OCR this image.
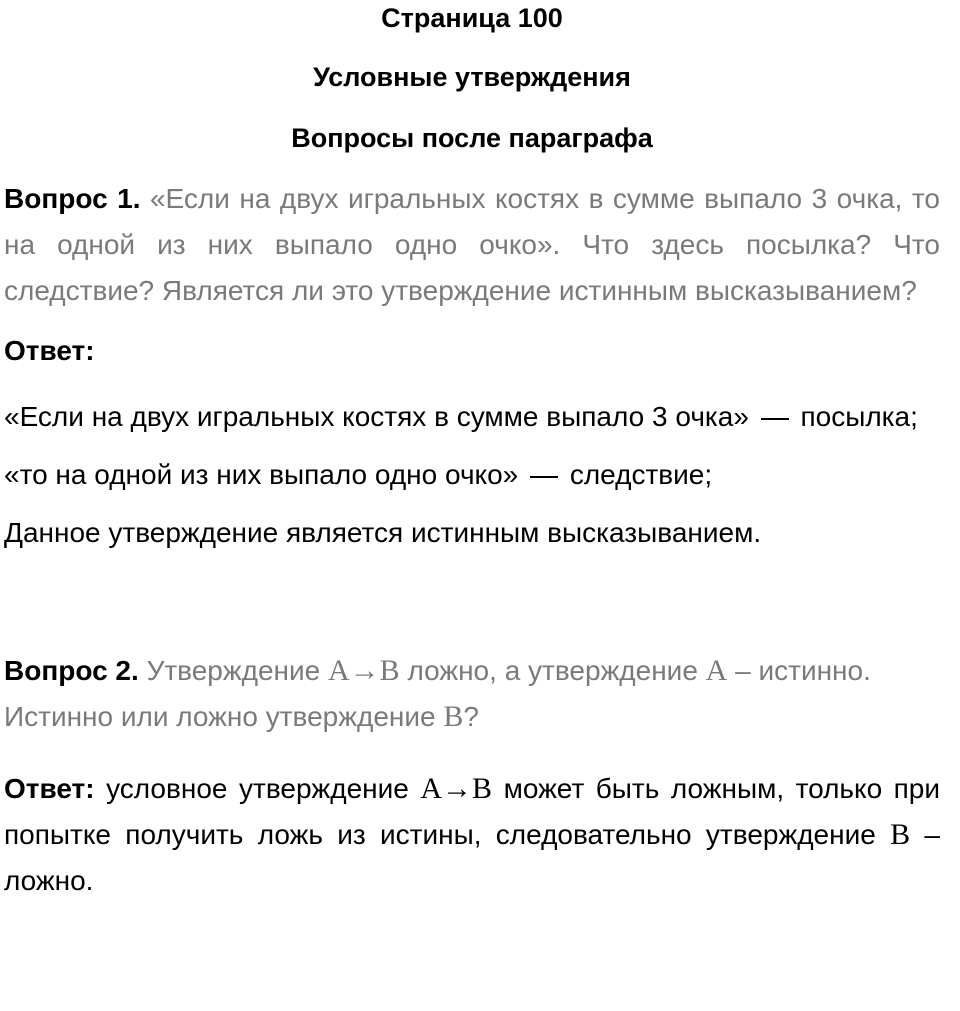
Страница 100

Условные утверждения

Вопросы после параграфа

Вопрос 1. «Если на двух игральных костях в сумме выпало 3 очка, то на одной из них выпало одно очко». Что здесь посылка? Что следствие? Является ли это утверждение истинным высказыванием?

Ответ:

«Если на двух игральных костях в сумме выпало 3 очка» посылка;

«то на одной из них выпало одно очко» следствие;

Данное утверждение является истинным высказыванием.

Вопрос 2. Утверждение A→B ложно, а утверждение A – истинно. Истинно или ложно утверждение B?

Ответ: условное утверждение A→B может быть ложным, только при попытке получить ложь из истины, следовательно утверждение B – ложно.
